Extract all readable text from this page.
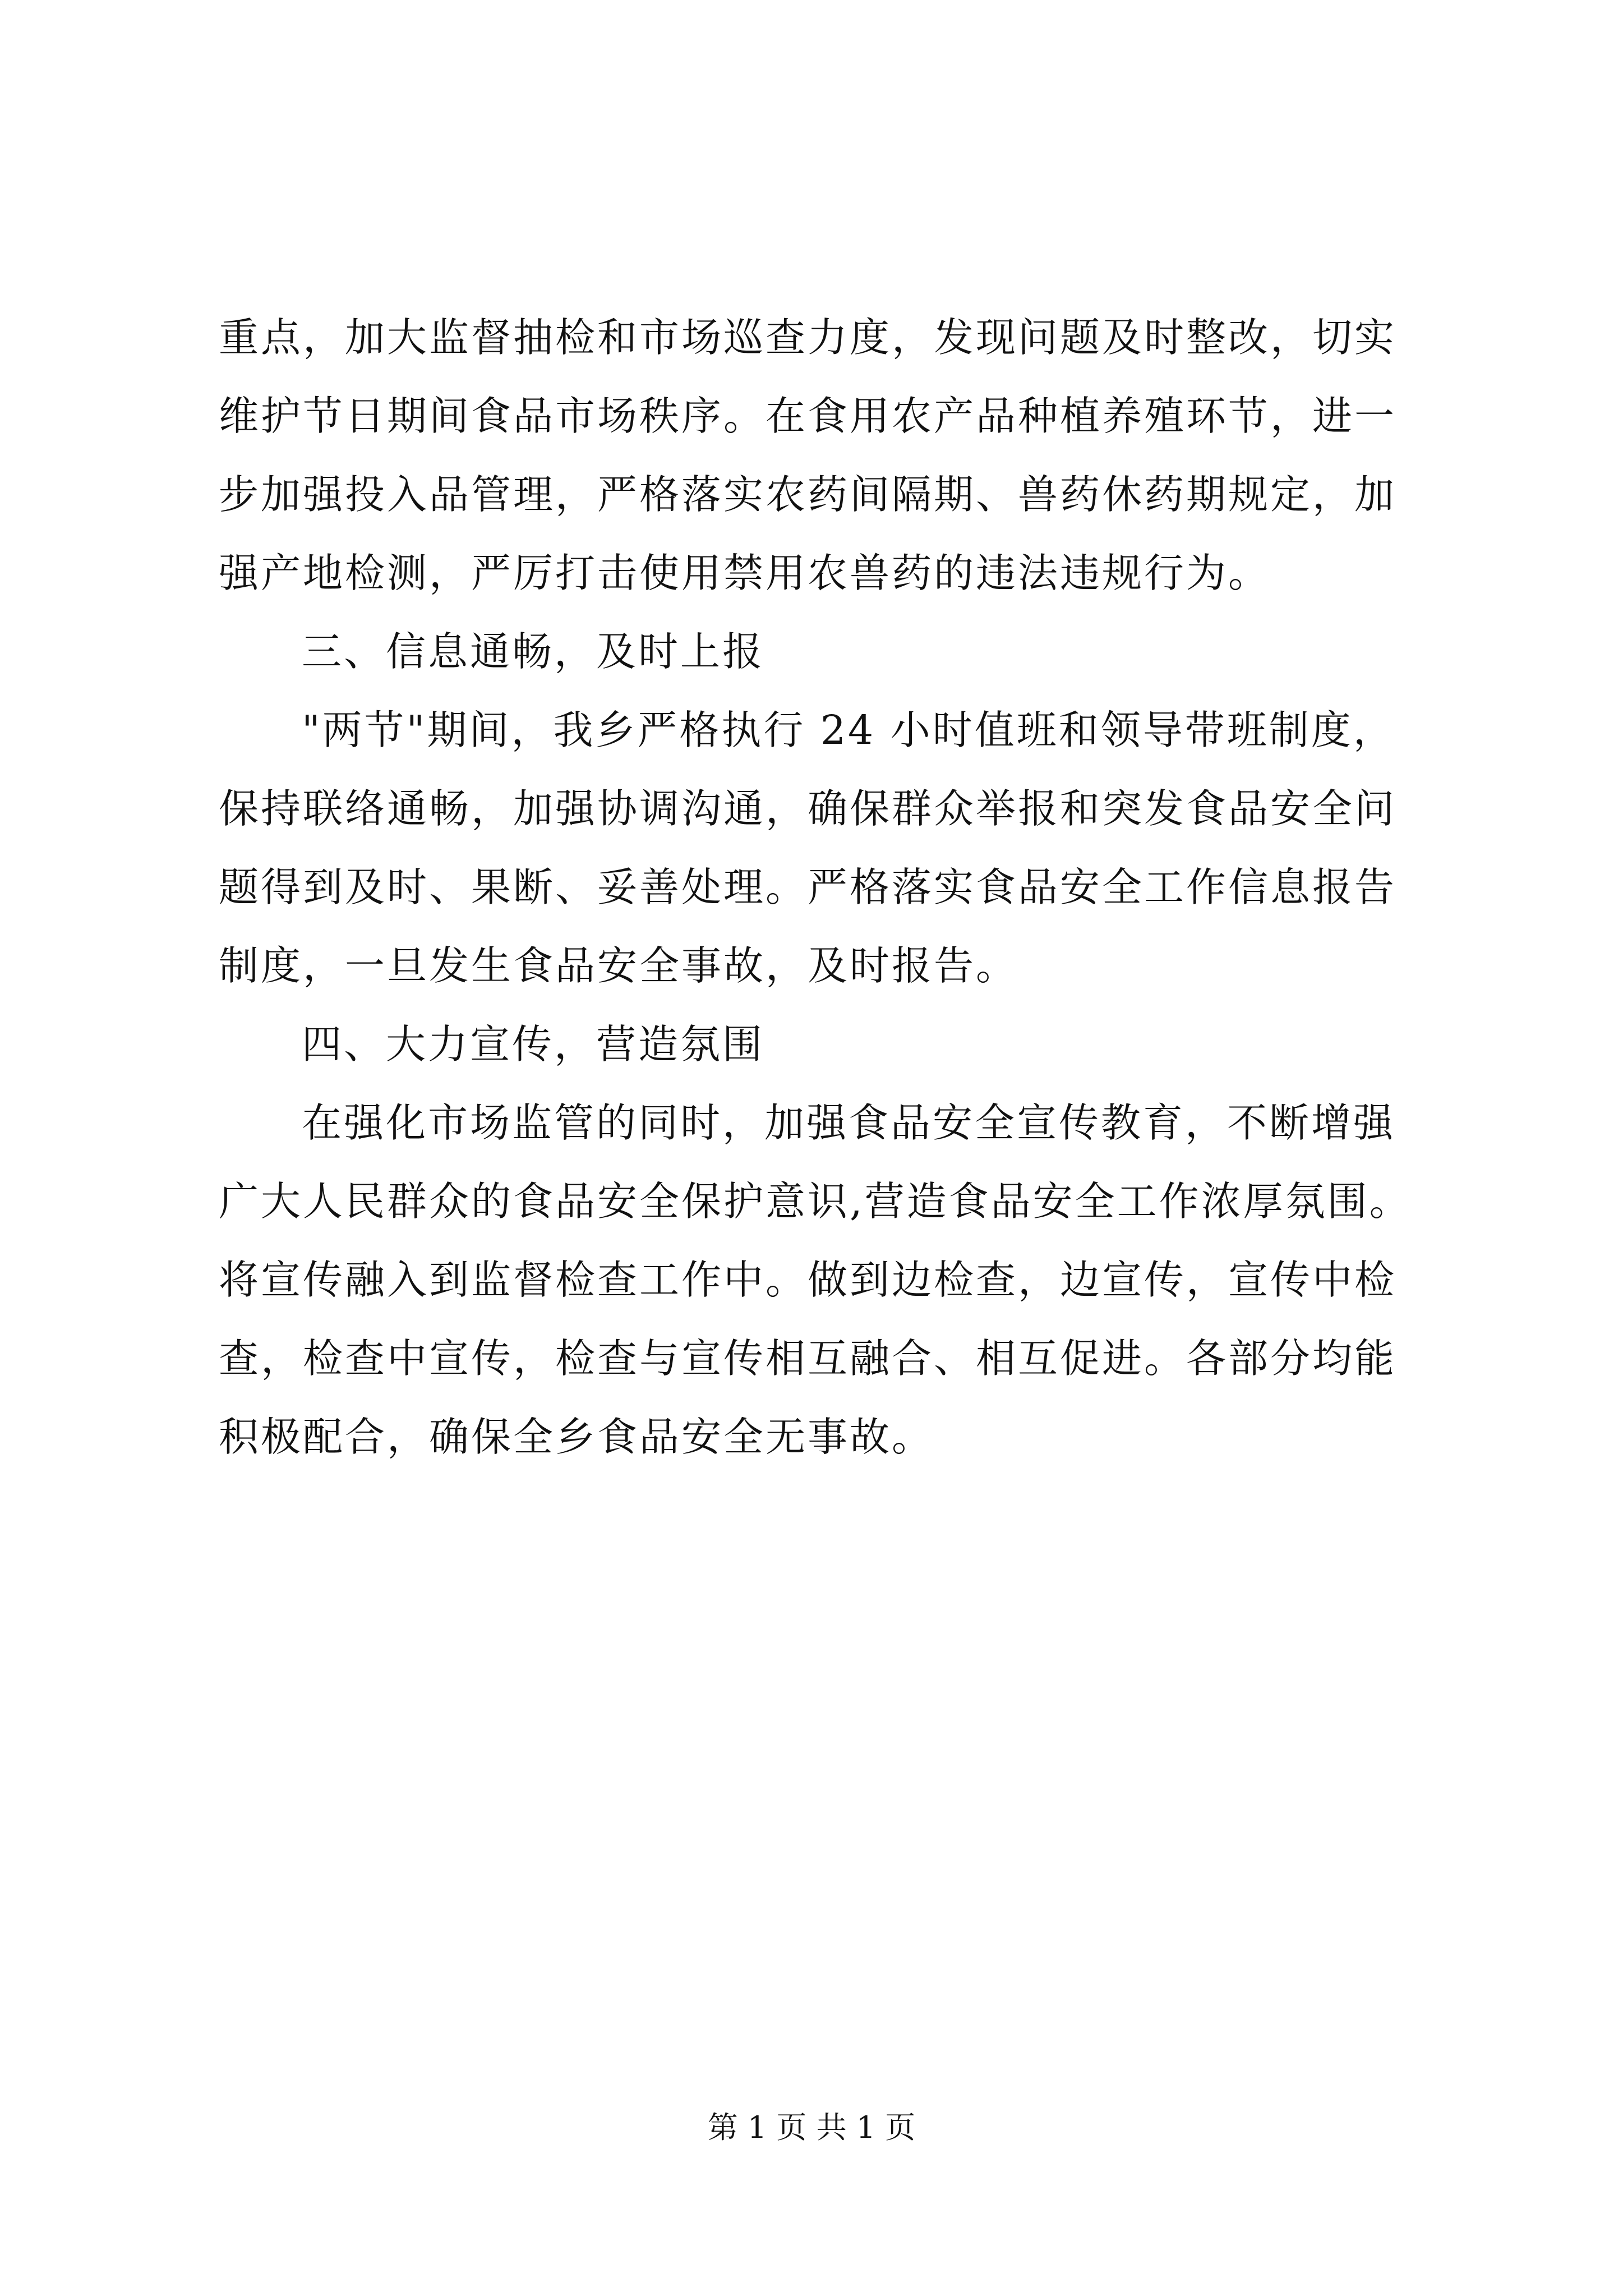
重点，加大监督抽检和市场巡查力度，发现问题及时整改，切实
维护节日期间食品市场秩序。在食用农产品种植养殖环节，进一
步加强投入品管理，严格落实农药间隔期、兽药休药期规定，加
强产地检测，严厉打击使用禁用农兽药的违法违规行为。
三、信息通畅，及时上报
"两节"期间，我乡严格执行 24 小时值班和领导带班制度，
保持联络通畅，加强协调沟通，确保群众举报和突发食品安全问
题得到及时、果断、妥善处理。严格落实食品安全工作信息报告
制度，一旦发生食品安全事故，及时报告。
四、大力宣传，营造氛围
在强化市场监管的同时，加强食品安全宣传教育，不断增强
广大人民群众的食品安全保护意识,营造食品安全工作浓厚氛围。
将宣传融入到监督检查工作中。做到边检查，边宣传，宣传中检
查，检查中宣传，检查与宣传相互融合、相互促进。各部分均能
积极配合，确保全乡食品安全无事故。
第 1 页 共 1 页
